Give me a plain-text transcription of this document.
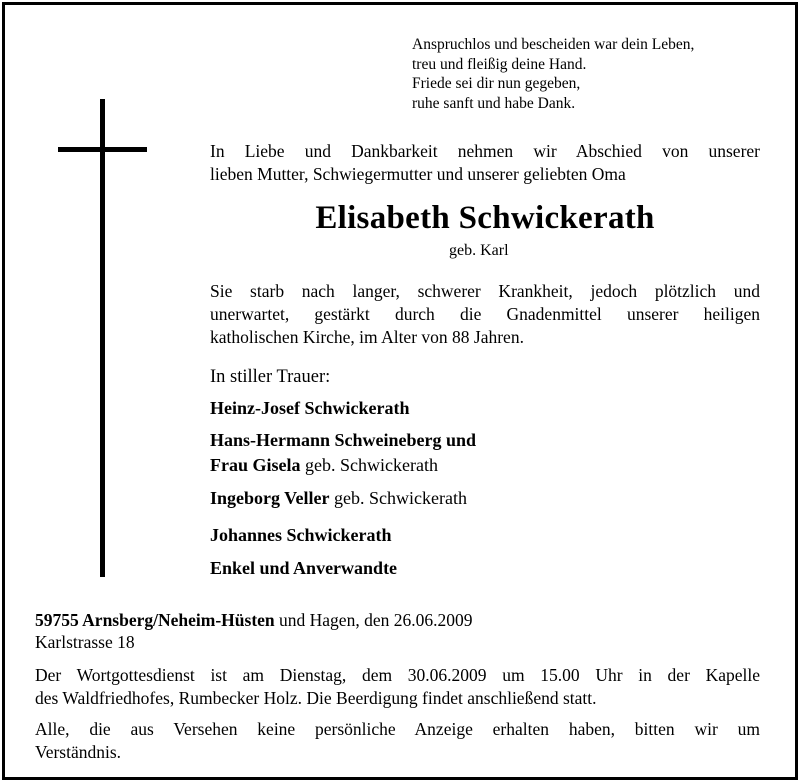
Anspruchlos und bescheiden war dein Leben,
treu und fleißig deine Hand.
Friede sei dir nun gegeben,
ruhe sanft und habe Dank.
In Liebe und Dankbarkeit nehmen wir Abschied von unserer
lieben Mutter, Schwiegermutter und unserer geliebten Oma
Elisabeth Schwickerath
geb. Karl
Sie starb nach langer, schwerer Krankheit, jedoch plötzlich und
unerwartet, gestärkt durch die Gnadenmittel unserer heiligen
katholischen Kirche, im Alter von 88 Jahren.
In stiller Trauer:
Heinz-Josef Schwickerath
Hans-Hermann Schweineberg und
Frau Gisela geb. Schwickerath
Ingeborg Veller geb. Schwickerath
Johannes Schwickerath
Enkel und Anverwandte
59755 Arnsberg/Neheim-Hüsten und Hagen, den 26.06.2009
Karlstrasse 18
Der Wortgottesdienst ist am Dienstag, dem 30.06.2009 um 15.00 Uhr in der Kapelle
des Waldfriedhofes, Rumbecker Holz. Die Beerdigung findet anschließend statt.
Alle, die aus Versehen keine persönliche Anzeige erhalten haben, bitten wir um
Verständnis.
